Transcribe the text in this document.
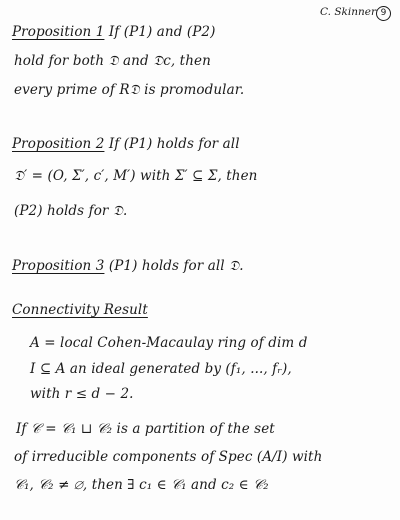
C. Skinner 9
Proposition 1 If (P1) and (P2)
hold for both 𝔇 and 𝔇c, then
every prime of R𝔇 is promodular.
Proposition 2 If (P1) holds for all
𝔇′ = (O, Σ′, c′, M′) with Σ′ ⊆ Σ, then
(P2) holds for 𝔇.
Proposition 3 (P1) holds for all 𝔇.
Connectivity Result
A = local Cohen-Macaulay ring of dim d
I ⊆ A an ideal generated by (f₁, ..., fᵣ),
with r ≤ d − 2.
If 𝒞 = 𝒞₁ ⊔ 𝒞₂ is a partition of the set
of irreducible components of Spec (A/I) with
𝒞₁, 𝒞₂ ≠ ∅, then ∃ c₁ ∈ 𝒞₁ and c₂ ∈ 𝒞₂
